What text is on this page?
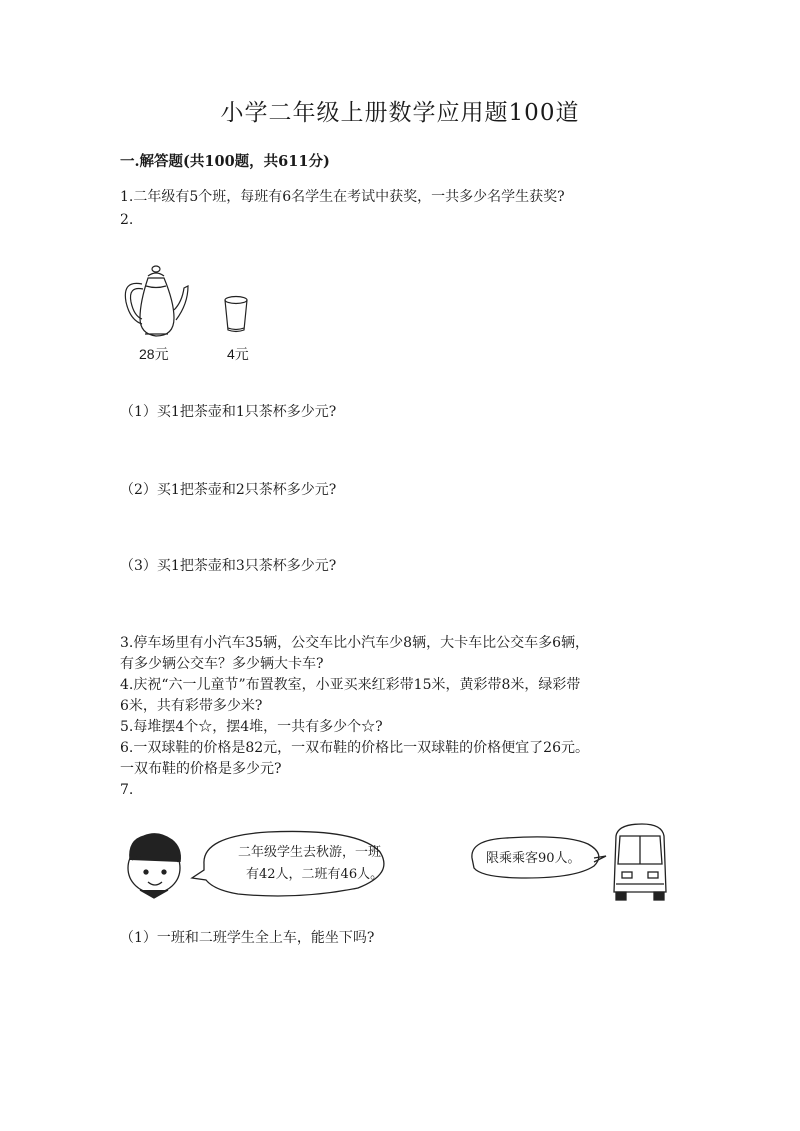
小学二年级上册数学应用题100道
一.解答题(共100题，共611分)
1.二年级有5个班，每班有6名学生在考试中获奖，一共多少名学生获奖?
2.
28元	4元
（1）买1把茶壶和1只茶杯多少元?
（2）买1把茶壶和2只茶杯多少元?
（3）买1把茶壶和3只茶杯多少元?
3.停车场里有小汽车35辆，公交车比小汽车少8辆，大卡车比公交车多6辆，
有多少辆公交车？多少辆大卡车?
4.庆祝“六一儿童节”布置教室，小亚买来红彩带15米，黄彩带8米，绿彩带
6米，共有彩带多少米?
5.每堆摆4个☆，摆4堆，一共有多少个☆?
6.一双球鞋的价格是82元，一双布鞋的价格比一双球鞋的价格便宜了26元。
一双布鞋的价格是多少元?
7.
二年级学生去秋游，一班
有42人，二班有46人。
限乘乘客90人。
（1）一班和二班学生全上车，能坐下吗?
